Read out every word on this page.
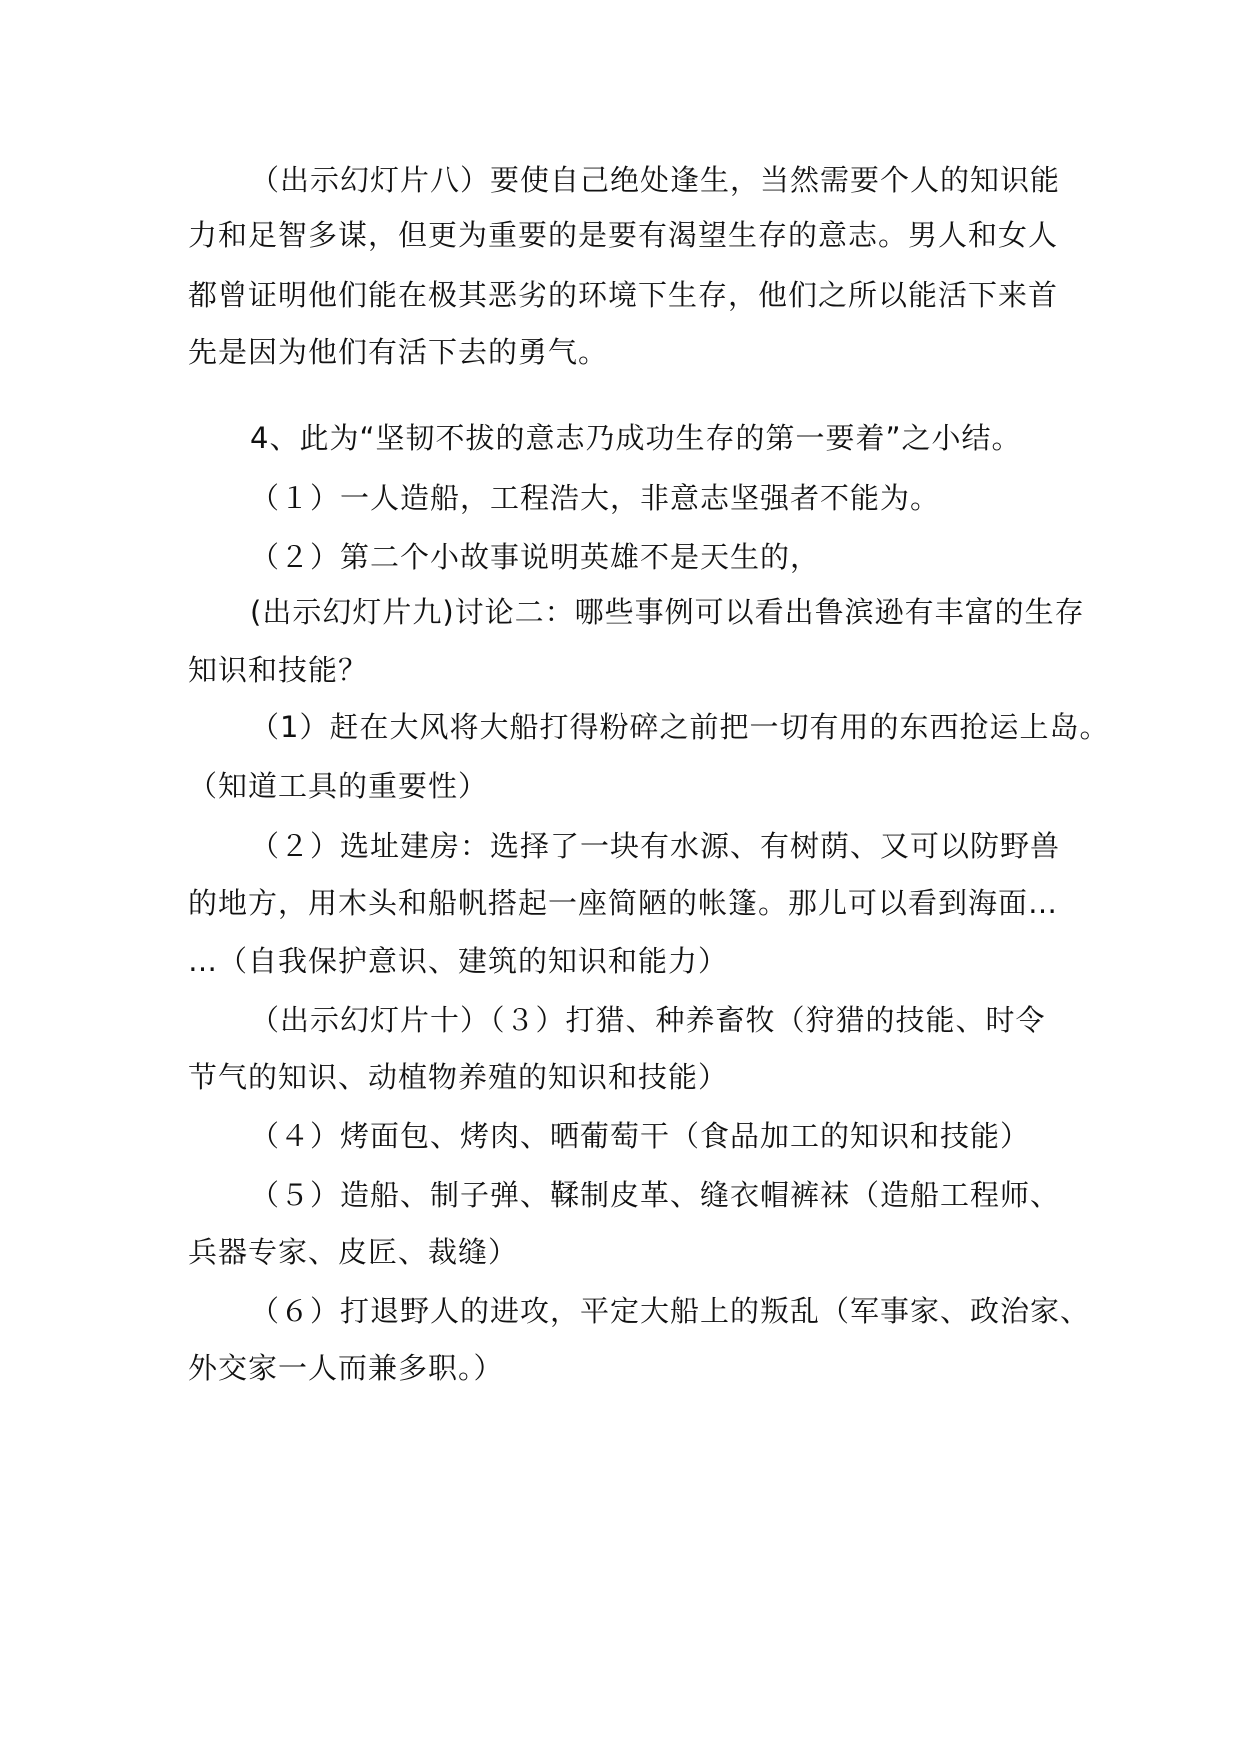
（出示幻灯片八）要使自己绝处逢生，当然需要个人的知识能
力和足智多谋，但更为重要的是要有渴望生存的意志。男人和女人
都曾证明他们能在极其恶劣的环境下生存，他们之所以能活下来首
先是因为他们有活下去的勇气。
4、此为“坚韧不拔的意志乃成功生存的第一要着”之小结。
（１）一人造船，工程浩大，非意志坚强者不能为。
（２）第二个小故事说明英雄不是天生的，
(出示幻灯片九)讨论二：哪些事例可以看出鲁滨逊有丰富的生存
知识和技能？
（1）赶在大风将大船打得粉碎之前把一切有用的东西抢运上岛。
（知道工具的重要性）
（２）选址建房：选择了一块有水源、有树荫、又可以防野兽
的地方，用木头和船帆搭起一座简陋的帐篷。那儿可以看到海面…
…（自我保护意识、建筑的知识和能力）
（出示幻灯片十）（３）打猎、种养畜牧（狩猎的技能、时令
节气的知识、动植物养殖的知识和技能）
（４）烤面包、烤肉、晒葡萄干（食品加工的知识和技能）
（５）造船、制子弹、鞣制皮革、缝衣帽裤袜（造船工程师、
兵器专家、皮匠、裁缝）
（６）打退野人的进攻，平定大船上的叛乱（军事家、政治家、
外交家一人而兼多职。）
